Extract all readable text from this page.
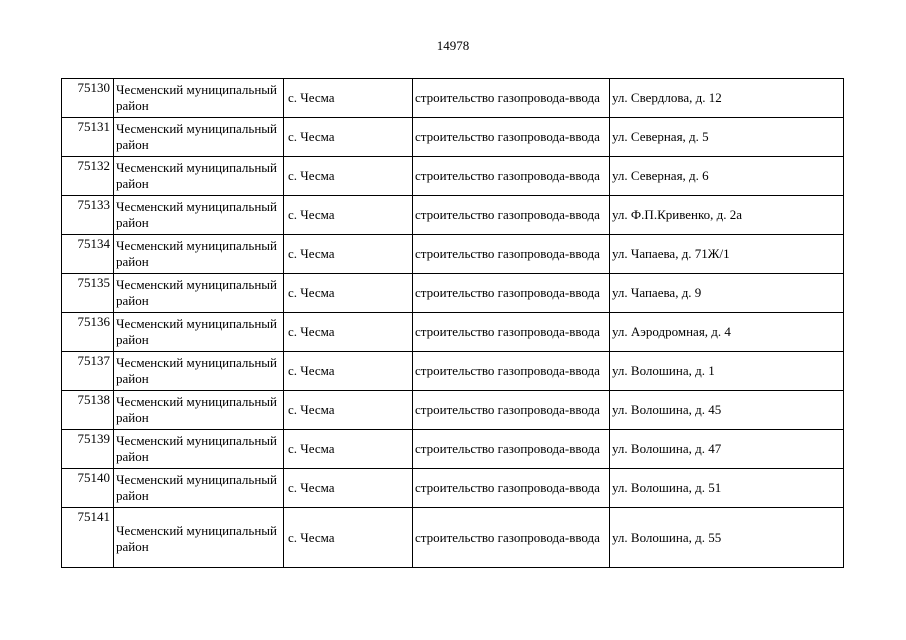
14978
75130	Чесменский муниципальный район	с. Чесма	строительство газопровода-ввода	ул. Свердлова, д. 12
75131	Чесменский муниципальный район	с. Чесма	строительство газопровода-ввода	ул. Северная, д. 5
75132	Чесменский муниципальный район	с. Чесма	строительство газопровода-ввода	ул. Северная, д. 6
75133	Чесменский муниципальный район	с. Чесма	строительство газопровода-ввода	ул. Ф.П.Кривенко, д. 2а
75134	Чесменский муниципальный район	с. Чесма	строительство газопровода-ввода	ул. Чапаева, д. 71Ж/1
75135	Чесменский муниципальный район	с. Чесма	строительство газопровода-ввода	ул. Чапаева, д. 9
75136	Чесменский муниципальный район	с. Чесма	строительство газопровода-ввода	ул. Аэродромная, д. 4
75137	Чесменский муниципальный район	с. Чесма	строительство газопровода-ввода	ул. Волошина, д. 1
75138	Чесменский муниципальный район	с. Чесма	строительство газопровода-ввода	ул. Волошина, д. 45
75139	Чесменский муниципальный район	с. Чесма	строительство газопровода-ввода	ул. Волошина, д. 47
75140	Чесменский муниципальный район	с. Чесма	строительство газопровода-ввода	ул. Волошина, д. 51
75141	Чесменский муниципальный район	с. Чесма	строительство газопровода-ввода	ул. Волошина, д. 55
